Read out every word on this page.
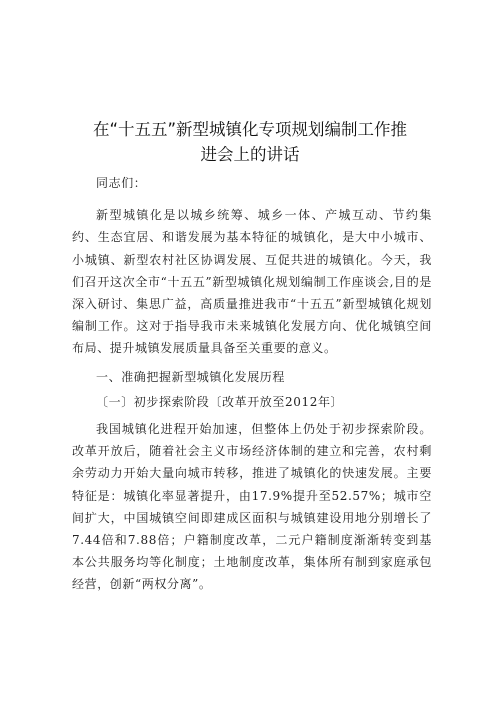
在“十五五”新型城镇化专项规划编制工作推
进会上的讲话

同志们：

新型城镇化是以城乡统筹、城乡一体、产城互动、节约集约、生态宜居、和谐发展为基本特征的城镇化，是大中小城市、小城镇、新型农村社区协调发展、互促共进的城镇化。今天，我们召开这次全市“十五五”新型城镇化规划编制工作座谈会,目的是深入研讨、集思广益，高质量推进我市“十五五”新型城镇化规划编制工作。这对于指导我市未来城镇化发展方向、优化城镇空间布局、提升城镇发展质量具备至关重要的意义。

一、准确把握新型城镇化发展历程

〔一〕初步探索阶段〔改革开放至2012年〕

我国城镇化进程开始加速，但整体上仍处于初步探索阶段。改革开放后，随着社会主义市场经济体制的建立和完善，农村剩余劳动力开始大量向城市转移，推进了城镇化的快速发展。主要特征是：城镇化率显著提升，由17.9%提升至52.57%；城市空间扩大，中国城镇空间即建成区面积与城镇建设用地分别增长了7.44倍和7.88倍；户籍制度改革，二元户籍制度渐渐转变到基本公共服务均等化制度；土地制度改革，集体所有制到家庭承包经营，创新“两权分离”。
